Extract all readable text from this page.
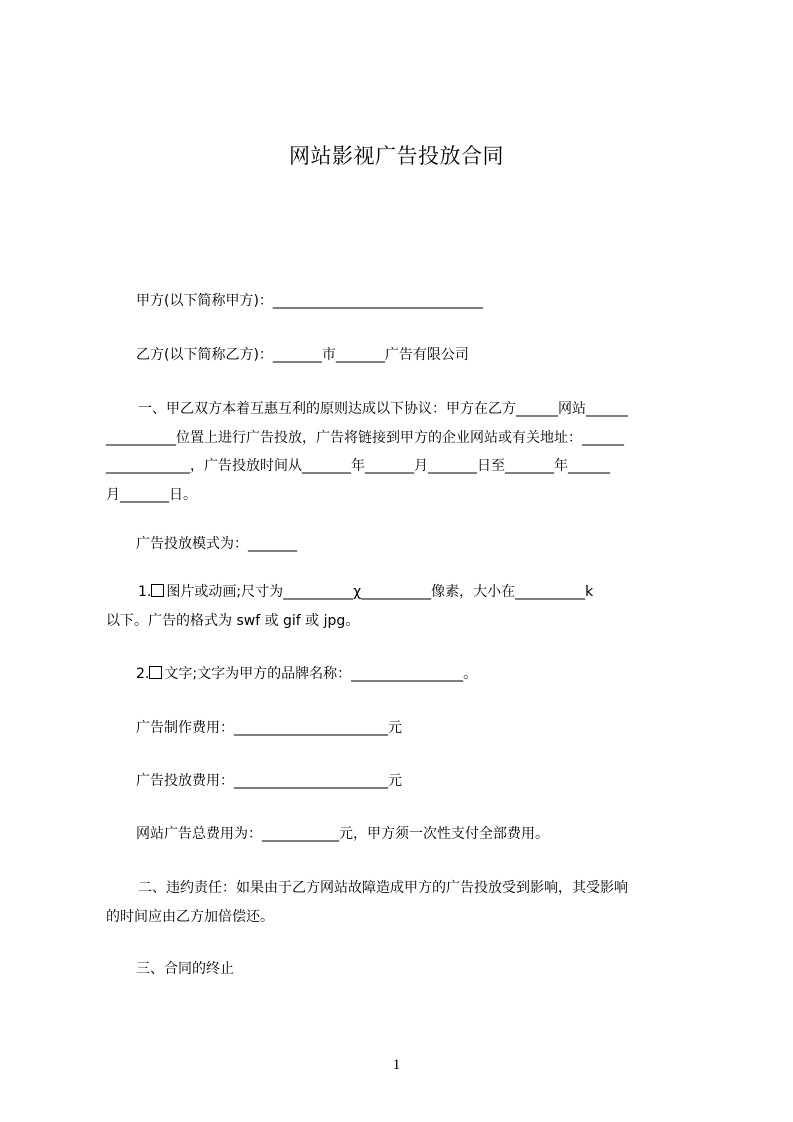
网站影视广告投放合同
甲方(以下简称甲方)：______________________________
乙方(以下简称乙方)：_______市_______广告有限公司
一、甲乙双方本着互惠互利的原则达成以下协议：甲方在乙方______网站______
__________位置上进行广告投放，广告将链接到甲方的企业网站或有关地址：______
____________，广告投放时间从_______年_______月_______日至_______年______
月_______日。
广告投放模式为：_______
1. 图片或动画;尺寸为__________χ__________像素，大小在__________k
以下。广告的格式为 swf 或 gif 或 jpg。
2. 文字;文字为甲方的品牌名称：________________。
广告制作费用：______________________元
广告投放费用：______________________元
网站广告总费用为：___________元，甲方须一次性支付全部费用。
二、违约责任：如果由于乙方网站故障造成甲方的广告投放受到影响，其受影响
的时间应由乙方加倍偿还。
三、合同的终止
1
